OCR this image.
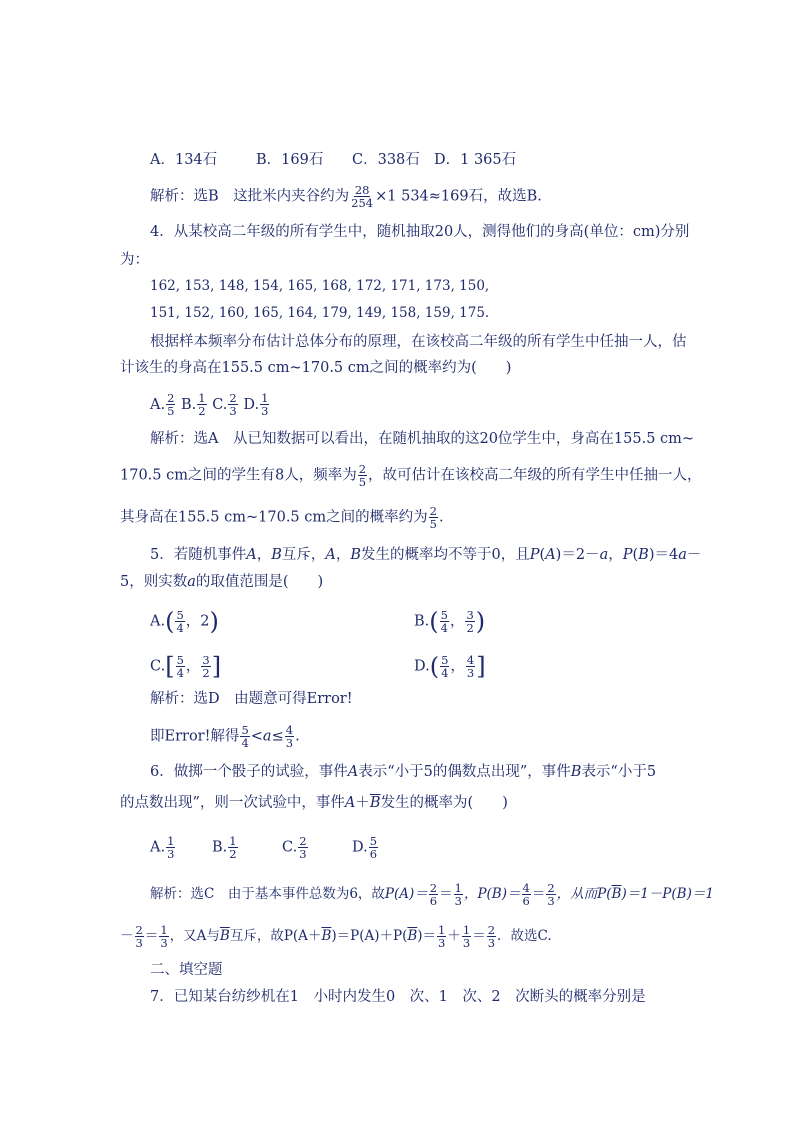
A．134石	B．169石 C．338石 D．1 365石
解析：选B　这批米内夹谷约为 $\frac{28}{254} \times 1$ 534≈169石，故选B.
4．从某校高二年级的所有学生中，随机抽取20人，测得他们的身高(单位：cm)分别
为：
162, 153, 148, 154, 165, 168, 172, 171, 173, 150,
151, 152, 160, 165, 164, 179, 149, 158, 159, 175.
根据样本频率分布估计总体分布的原理，在该校高二年级的所有学生中任抽一人，估
计该生的身高在155.5 cm~170.5 cm之间的概率约为(　　)
A. $\frac{2}{5} B$. $\frac{1}{2} C$. $\frac{2}{3} D$. $\frac{1}{3}$
解析：选A　从已知数据可以看出，在随机抽取的这20位学生中，身高在155.5 cm~
170.5 cm之间的学生有8人，频率为 $\frac{2}{5}$ ，故可估计在该校高二年级的所有学生中任抽一人，
其身高在155.5 cm~170.5 cm之间的概率约为 $\frac{2}{5}$ .
5．若随机事件A，B互斥，A，B发生的概率均不等于0，且P(A)＝2－a，P(B)＝4a－
5，则实数a的取值范围是(　　)
$A.( \frac{5}{4}$ ，2)	$B.( \frac{5}{4}$ ， $\frac{3}{2}$ )
$C.[ \frac{5}{4}$ ， $\frac{3}{2}$ ]	$D.( \frac{5}{4}$ ， $\frac{4}{3}$ ]
解析：选D　由题意可得Error!
即Error!解得 $\frac{5}{4} <a\le \frac{4}{3}$ .
6．做掷一个骰子的试验，事件A表示“小于5的偶数点出现”，事件B表示“小于5
的点数出现”，则一次试验中，事件$A+\overline{B}$发生的概率为(　　)
A. $\frac{1}{3}$	B. $\frac{1}{2}$	C. $\frac{2}{3}$	D. $\frac{5}{6}$
解析：选C　由于基本事件总数为6，故$P(A)= \frac{2}{6} = \frac{1}{3}$ ，$P(B)= \frac{4}{6} = \frac{2}{3}$ ，从而$P(\overline{B})=1-P(B)=1$
－ $\frac{2}{3} = \frac{1}{3}$ ，又A与$\overline{B}$互斥，故$P(A+\overline{B})=P(A)+P(\overline{B})= \frac{1}{3} + \frac{1}{3} = \frac{2}{3}$ ．故选C.
二、填空题
7．已知某台纺纱机在1　小时内发生0　次、1　次、2　次断头的概率分别是
